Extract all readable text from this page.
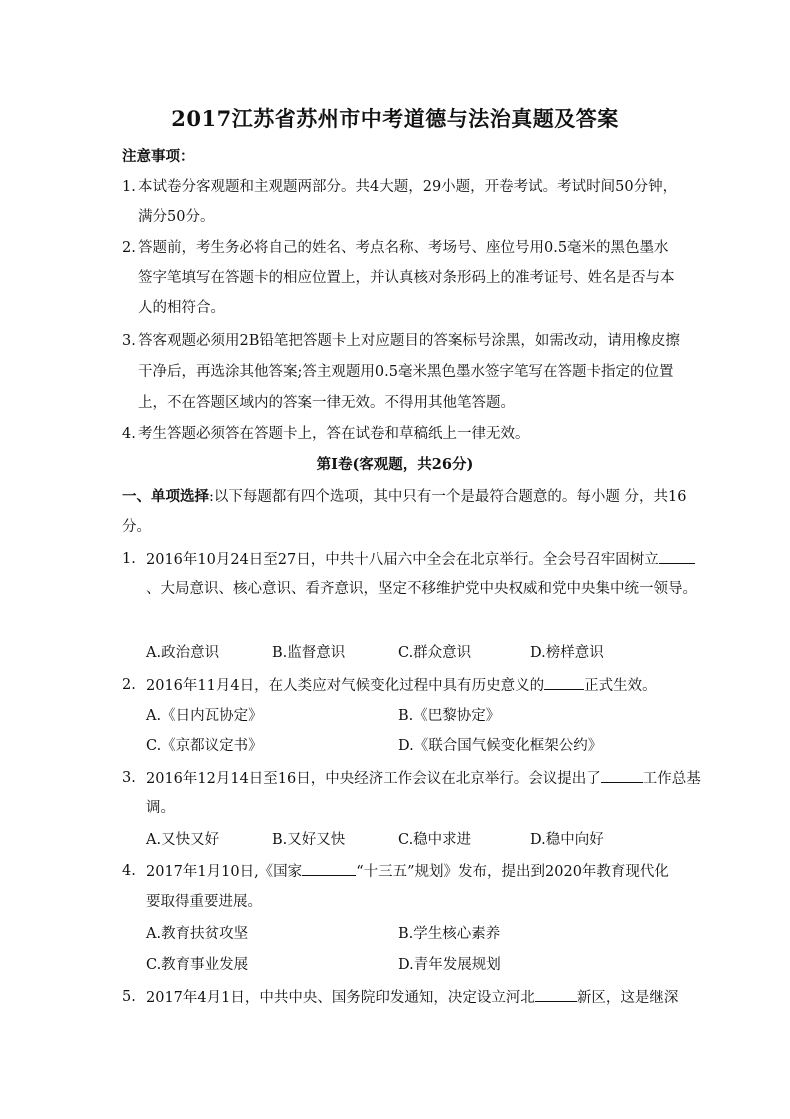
2017江苏省苏州市中考道德与法治真题及答案
注意事项：
1. 本试卷分客观题和主观题两部分。共4大题，29小题，开卷考试。考试时间50分钟，
满分50分。
2. 答题前，考生务必将自己的姓名、考点名称、考场号、座位号用0.5毫米的黑色墨水
签字笔填写在答题卡的相应位置上，并认真核对条形码上的准考证号、姓名是否与本
人的相符合。
3. 答客观题必须用2B铅笔把答题卡上对应题目的答案标号涂黑，如需改动，请用橡皮擦
干净后，再选涂其他答案;答主观题用0.5毫米黑色墨水签字笔写在答题卡指定的位置
上，不在答题区域内的答案一律无效。不得用其他笔答题。
4. 考生答题必须答在答题卡上，答在试卷和草稿纸上一律无效。
第Ⅰ卷(客观题，共26分)
一、单项选择:以下每题都有四个选项，其中只有一个是最符合题意的。每小题 分，共16
分。
1. 2016年10月24日至27日，中共十八届六中全会在北京举行。全会号召牢固树立
、大局意识、核心意识、看齐意识，坚定不移维护党中央权威和党中央集中统一领导。
A.政治意识	B.监督意识	C.群众意识	D.榜样意识
2. 2016年11月4日，在人类应对气候变化过程中具有历史意义的	正式生效。
A.《日内瓦协定》	B.《巴黎协定》
C.《京都议定书》	D.《联合国气候变化框架公约》
3. 2016年12月14日至16日，中央经济工作会议在北京举行。会议提出了	工作总基
调。
A.又快又好	B.又好又快	C.稳中求进	D.稳中向好
4. 2017年1月10日,《国家	“十三五”规划》发布，提出到2020年教育现代化
要取得重要进展。
A.教育扶贫攻坚	B.学生核心素养
C.教育事业发展	D.青年发展规划
5. 2017年4月1日，中共中央、国务院印发通知，决定设立河北	新区，这是继深
